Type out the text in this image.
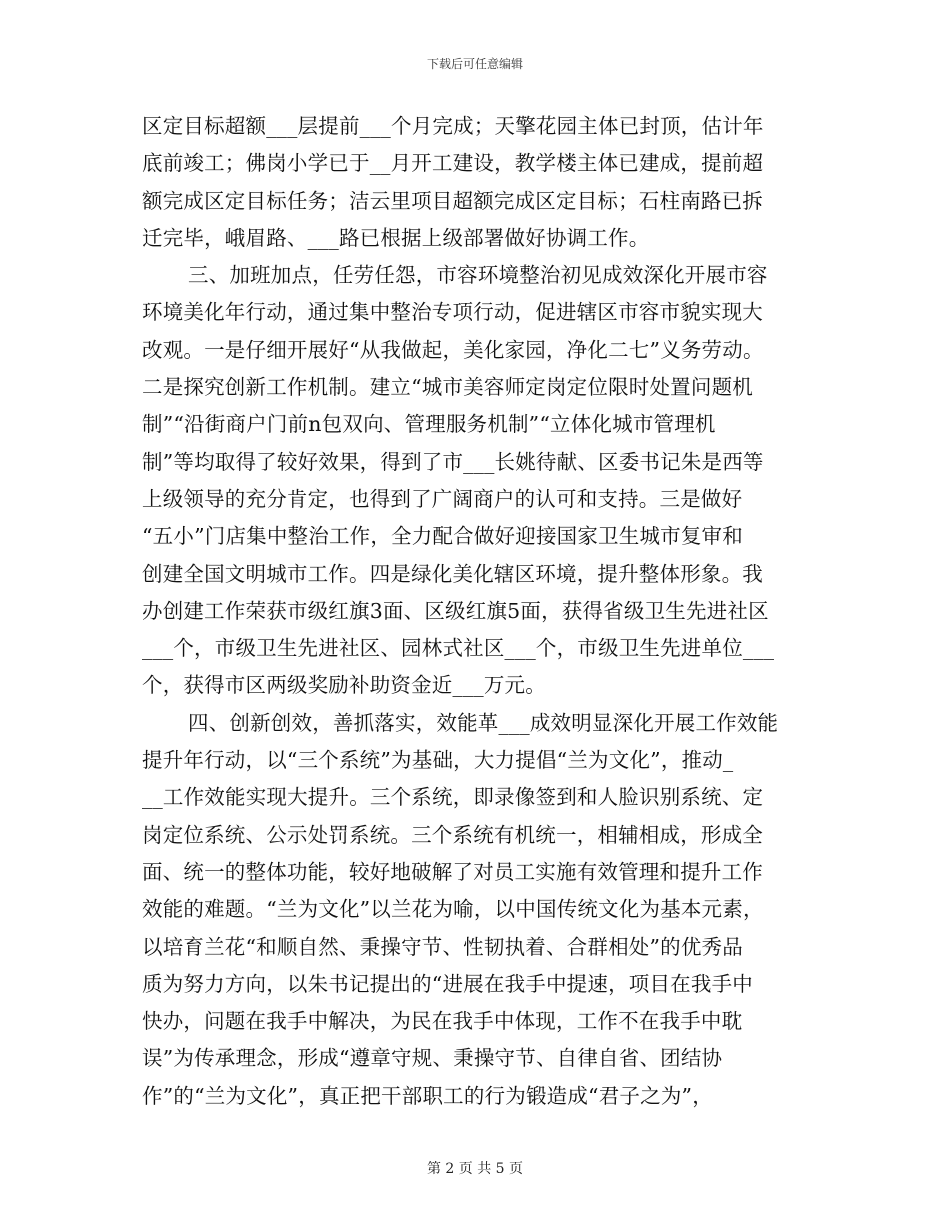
下载后可任意编辑
区定目标超额___层提前___个月完成；天擎花园主体已封顶，估计年
底前竣工；佛岗小学已于__月开工建设，教学楼主体已建成，提前超
额完成区定目标任务；洁云里项目超额完成区定目标；石柱南路已拆
迁完毕，峨眉路、___路已根据上级部署做好协调工作。
三、加班加点，任劳任怨，市容环境整治初见成效深化开展市容
环境美化年行动，通过集中整治专项行动，促进辖区市容市貌实现大
改观。一是仔细开展好“从我做起，美化家园，净化二七”义务劳动。
二是探究创新工作机制。建立“城市美容师定岗定位限时处置问题机
制”“沿街商户门前n包双向、管理服务机制”“立体化城市管理机
制”等均取得了较好效果，得到了市___长姚待献、区委书记朱是西等
上级领导的充分肯定，也得到了广阔商户的认可和支持。三是做好
“五小”门店集中整治工作，全力配合做好迎接国家卫生城市复审和
创建全国文明城市工作。四是绿化美化辖区环境，提升整体形象。我
办创建工作荣获市级红旗3面、区级红旗5面，获得省级卫生先进社区
___个，市级卫生先进社区、园林式社区___个，市级卫生先进单位___
个，获得市区两级奖励补助资金近___万元。
四、创新创效，善抓落实，效能革___成效明显深化开展工作效能
提升年行动，以“三个系统”为基础，大力提倡“兰为文化”，推动_
__工作效能实现大提升。三个系统，即录像签到和人脸识别系统、定
岗定位系统、公示处罚系统。三个系统有机统一，相辅相成，形成全
面、统一的整体功能，较好地破解了对员工实施有效管理和提升工作
效能的难题。“兰为文化”以兰花为喻，以中国传统文化为基本元素，
以培育兰花“和顺自然、秉操守节、性韧执着、合群相处”的优秀品
质为努力方向，以朱书记提出的“进展在我手中提速，项目在我手中
快办，问题在我手中解决，为民在我手中体现，工作不在我手中耽
误”为传承理念，形成“遵章守规、秉操守节、自律自省、团结协
作”的“兰为文化”，真正把干部职工的行为锻造成“君子之为”，
第 2 页 共 5 页
